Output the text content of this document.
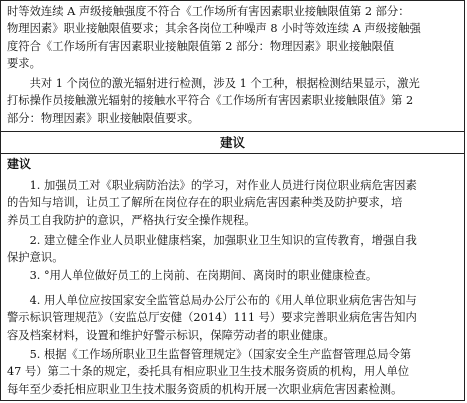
时等效连续 A 声级接触强度不符合《工作场所有害因素职业接触限值第 2 部分：
物理因素》职业接触限值要求；其余各岗位工种噪声 8 小时等效连续 A 声级接触强
度符合《工作场所有害因素职业接触限值第 2 部分：物理因素》职业接触限值
要求。
　　共对 1 个岗位的激光辐射进行检测，涉及 1 个工种，根据检测结果显示，激光
打标操作员接触激光辐射的接触水平符合《工作场所有害因素职业接触限值》第 2
部分：物理因素》职业接触限值要求。
建议
建议
　　1. 加强员工对《职业病防治法》的学习，对作业人员进行岗位职业病危害因素
的告知与培训，让员工了解所在岗位存在的职业病危害因素种类及防护要求，培
养员工自我防护的意识，严格执行安全操作规程。
　　2. 建立健全作业人员职业健康档案，加强职业卫生知识的宣传教育，增强自我
保护意识。
　　3. °用人单位做好员工的上岗前、在岗期间、离岗时的职业健康检查。
　　4. 用人单位应按国家安全监管总局办公厅公布的《用人单位职业病危害告知与
警示标识管理规范》（安监总厅安健（2014）111 号）要求完善职业病危害告知内
容及档案材料，设置和维护好警示标识，保障劳动者的职业健康。
　　5. 根据《工作场所职业卫生监督管理规定》（国家安全生产监督管理总局令第
47 号）第二十条的规定，委托具有相应职业卫生技术服务资质的机构，用人单位
每年至少委托相应职业卫生技术服务资质的机构开展一次职业病危害因素检测。
